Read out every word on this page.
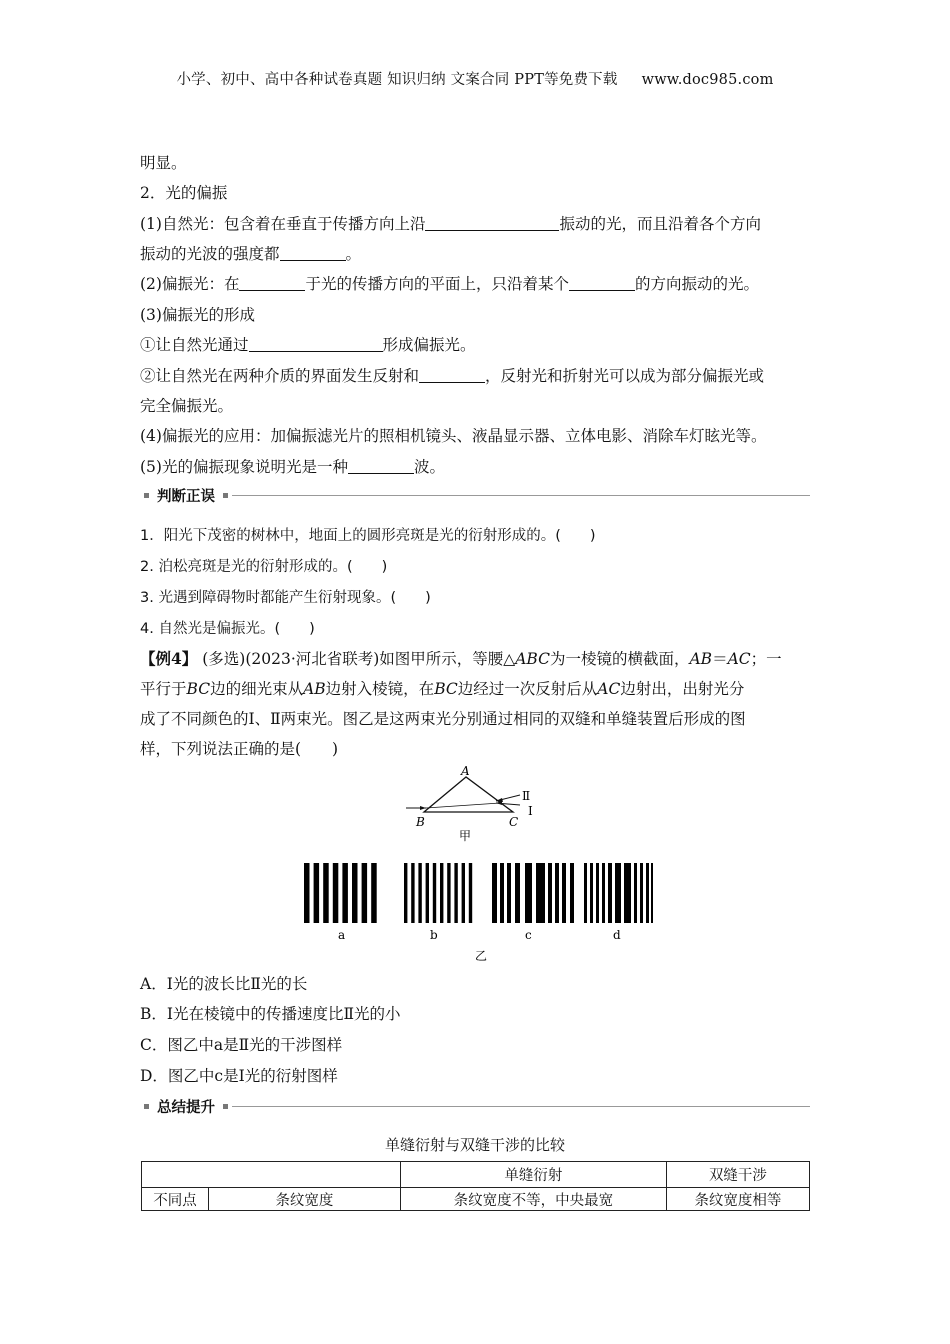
小学、初中、高中各种试卷真题 知识归纳 文案合同 PPT等免费下载 www.doc985.com
明显。
2．光的偏振
(1)自然光：包含着在垂直于传播方向上沿	振动的光，而且沿着各个方向
振动的光波的强度都	。
(2)偏振光：在	于光的传播方向的平面上，只沿着某个	的方向振动的光。
(3)偏振光的形成
①让自然光通过	形成偏振光。
②让自然光在两种介质的界面发生反射和	，反射光和折射光可以成为部分偏振光或
完全偏振光。
(4)偏振光的应用：加偏振滤光片的照相机镜头、液晶显示器、立体电影、消除车灯眩光等。
(5)光的偏振现象说明光是一种	波。
判断正误
1．阳光下茂密的树林中，地面上的圆形亮斑是光的衍射形成的。(　　)
2. 泊松亮斑是光的衍射形成的。(　　)
3. 光遇到障碍物时都能产生衍射现象。(　　)
4. 自然光是偏振光。(　　)
【例4】 (多选)(2023·河北省联考)如图甲所示，等腰△ABC为一棱镜的横截面，AB＝AC；一
平行于BC边的细光束从AB边射入棱镜，在BC边经过一次反射后从AC边射出，出射光分
成了不同颜色的Ⅰ、Ⅱ两束光。图乙是这两束光分别通过相同的双缝和单缝装置后形成的图
样，下列说法正确的是(　　)
A
B	C
Ⅱ
Ⅰ
甲
a	b	c	d
乙
A．Ⅰ光的波长比Ⅱ光的长
B．Ⅰ光在棱镜中的传播速度比Ⅱ光的小
C．图乙中a是Ⅱ光的干涉图样
D．图乙中c是Ⅰ光的衍射图样
总结提升
单缝衍射与双缝干涉的比较
		单缝衍射	双缝干涉
不同点	条纹宽度	条纹宽度不等，中央最宽	条纹宽度相等
